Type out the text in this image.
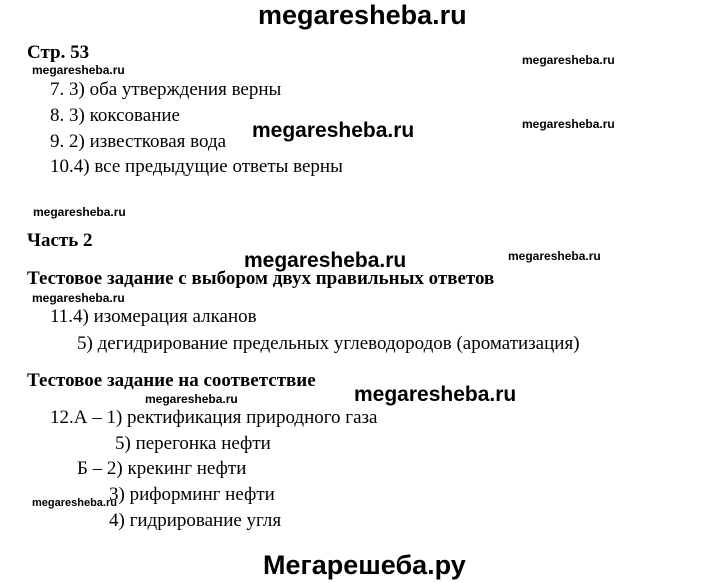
megaresheba.ru
Стр. 53	megaresheba.ru
megaresheba.ru
7. 3) оба утверждения верны
8. 3) коксование
9. 2) известковая вода megaresheba.ru	megaresheba.ru
10.4) все предыдущие ответы верны
megaresheba.ru
Часть 2
megaresheba.ru	megaresheba.ru
Тестовое задание с выбором двух правильных ответов
megaresheba.ru
11.4) изомерация алканов
5) дегидрирование предельных углеводородов (ароматизация)
Тестовое задание на соответствие
megaresheba.ru
megaresheba.ru
12.А – 1) ректификация природного газа
5) перегонка нефти
Б – 2) крекинг нефти
megaresheba.ru
3) риформинг нефти
4) гидрирование угля
Мегарешеба.ру
